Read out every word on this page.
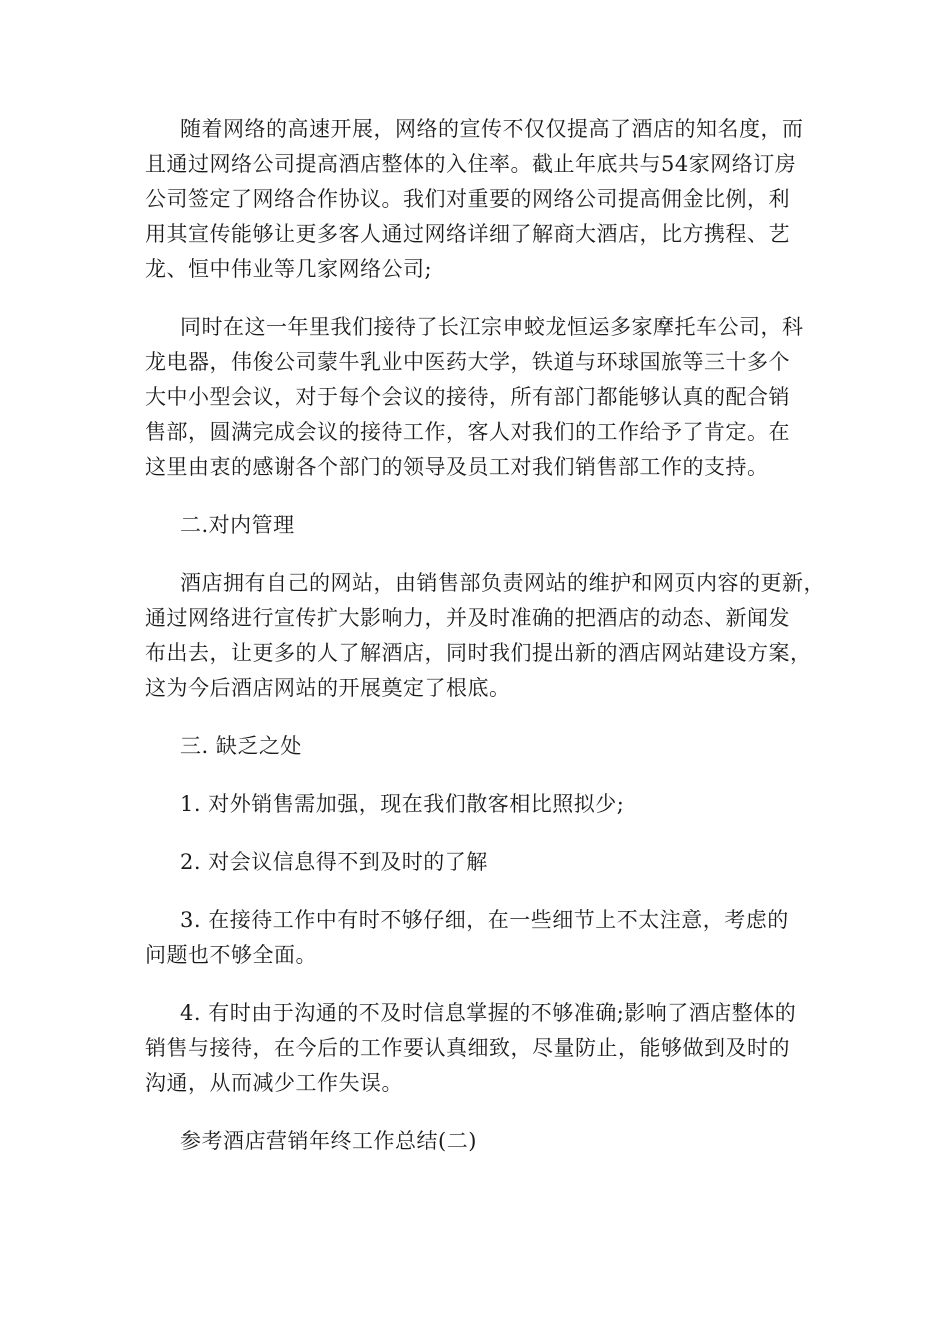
随着网络的高速开展，网络的宣传不仅仅提高了酒店的知名度，而
且通过网络公司提高酒店整体的入住率。截止年底共与54家网络订房
公司签定了网络合作协议。我们对重要的网络公司提高佣金比例，利
用其宣传能够让更多客人通过网络详细了解商大酒店，比方携程、艺
龙、恒中伟业等几家网络公司;

同时在这一年里我们接待了长江宗申蛟龙恒运多家摩托车公司，科
龙电器，伟俊公司蒙牛乳业中医药大学，铁道与环球国旅等三十多个
大中小型会议，对于每个会议的接待，所有部门都能够认真的配合销
售部，圆满完成会议的接待工作，客人对我们的工作给予了肯定。在
这里由衷的感谢各个部门的领导及员工对我们销售部工作的支持。

二.对内管理

酒店拥有自己的网站，由销售部负责网站的维护和网页内容的更新，
通过网络进行宣传扩大影响力，并及时准确的把酒店的动态、新闻发
布出去，让更多的人了解酒店，同时我们提出新的酒店网站建设方案，
这为今后酒店网站的开展奠定了根底。

三. 缺乏之处

1. 对外销售需加强，现在我们散客相比照拟少;

2. 对会议信息得不到及时的了解

3. 在接待工作中有时不够仔细，在一些细节上不太注意，考虑的
问题也不够全面。

4. 有时由于沟通的不及时信息掌握的不够准确;影响了酒店整体的
销售与接待，在今后的工作要认真细致，尽量防止，能够做到及时的
沟通，从而减少工作失误。

参考酒店营销年终工作总结(二)
